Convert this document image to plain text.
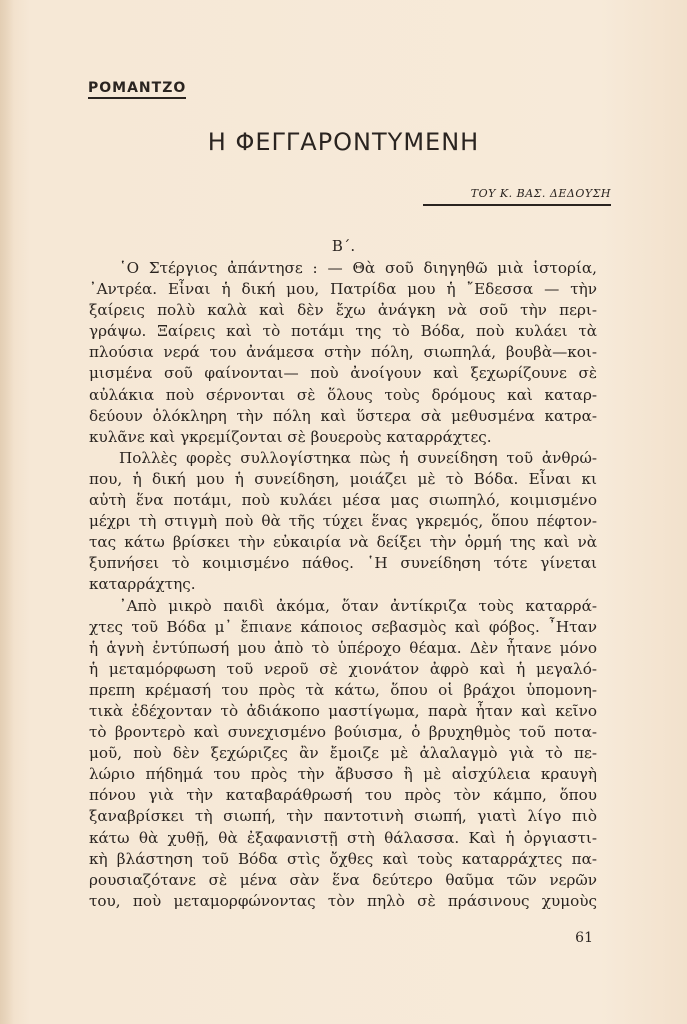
ΡΟΜΑΝΤΖΟ
Η ΦΕΓΓΑΡΟΝΤΥΜΕΝΗ
ΤΟΥ Κ. ΒΑΣ. ΔΕΔΟΥΣΗ
Β΄.
῾Ο Στέργιος ἀπάντησε : — Θὰ σοῦ διηγηθῶ μιὰ ἱστορία,
᾿Αντρέα. Εἶναι ἡ δική μου, Πατρίδα μου ἡ ῎Εδεσσα — τὴν
ξαίρεις πολὺ καλὰ καὶ δὲν ἔχω ἀνάγκη νὰ σοῦ τὴν περι-
γράψω. Ξαίρεις καὶ τὸ ποτάμι της τὸ Βόδα, ποὺ κυλάει τὰ
πλούσια νερά του ἀνάμεσα στὴν πόλη, σιωπηλά, βουβὰ—κοι-
μισμένα σοῦ φαίνονται— ποὺ ἀνοίγουν καὶ ξεχωρίζουνε σὲ
αὐλάκια ποὺ σέρνονται σὲ ὅλους τοὺς δρόμους καὶ καταρ-
δεύουν ὁλόκληρη τὴν πόλη καὶ ὕστερα σὰ μεθυσμένα κατρα-
κυλᾶνε καὶ γκρεμίζονται σὲ βουεροὺς καταρράχτες.
Πολλὲς φορὲς συλλογίστηκα πὼς ἡ συνείδηση τοῦ ἀνθρώ-
που, ἡ δική μου ἡ συνείδηση, μοιάζει μὲ τὸ Βόδα. Εἶναι κι
αὐτὴ ἕνα ποτάμι, ποὺ κυλάει μέσα μας σιωπηλό, κοιμισμένο
μέχρι τὴ στιγμὴ ποὺ θὰ τῆς τύχει ἕνας γκρεμός, ὅπου πέφτον-
τας κάτω βρίσκει τὴν εὐκαιρία νὰ δείξει τὴν ὁρμή της καὶ νὰ
ξυπνήσει τὸ κοιμισμένο πάθος. ῾Η συνείδηση τότε γίνεται
καταρράχτης.
᾿Απὸ μικρὸ παιδὶ ἀκόμα, ὅταν ἀντίκριζα τοὺς καταρρά-
χτες τοῦ Βόδα μ᾿ ἔπιανε κάποιος σεβασμὸς καὶ φόβος. ῏Ηταν
ἡ ἁγνὴ ἐντύπωσή μου ἀπὸ τὸ ὑπέροχο θέαμα. Δὲν ἦτανε μόνο
ἡ μεταμόρφωση τοῦ νεροῦ σὲ χιονάτον ἀφρὸ καὶ ἡ μεγαλό-
πρεπη κρέμασή του πρὸς τὰ κάτω, ὅπου οἱ βράχοι ὑπομονη-
τικὰ ἐδέχονταν τὸ ἀδιάκοπο μαστίγωμα, παρὰ ἦταν καὶ κεῖνο
τὸ βροντερὸ καὶ συνεχισμένο βούισμα, ὁ βρυχηθμὸς τοῦ ποτα-
μοῦ, ποὺ δὲν ξεχώριζες ἂν ἔμοιζε μὲ ἀλαλαγμὸ γιὰ τὸ πε-
λώριο πήδημά του πρὸς τὴν ἄβυσσο ἢ μὲ αἰσχύλεια κραυγὴ
πόνου γιὰ τὴν καταβαράθρωσή του πρὸς τὸν κάμπο, ὅπου
ξαναβρίσκει τὴ σιωπή, τὴν παντοτινὴ σιωπή, γιατὶ λίγο πιὸ
κάτω θὰ χυθῇ, θὰ ἐξαφανιστῇ στὴ θάλασσα. Καὶ ἡ ὀργιαστι-
κὴ βλάστηση τοῦ Βόδα στὶς ὄχθες καὶ τοὺς καταρράχτες πα-
ρουσιαζότανε σὲ μένα σὰν ἕνα δεύτερο θαῦμα τῶν νερῶν
του, ποὺ μεταμορφώνοντας τὸν πηλὸ σὲ πράσινους χυμοὺς
61
